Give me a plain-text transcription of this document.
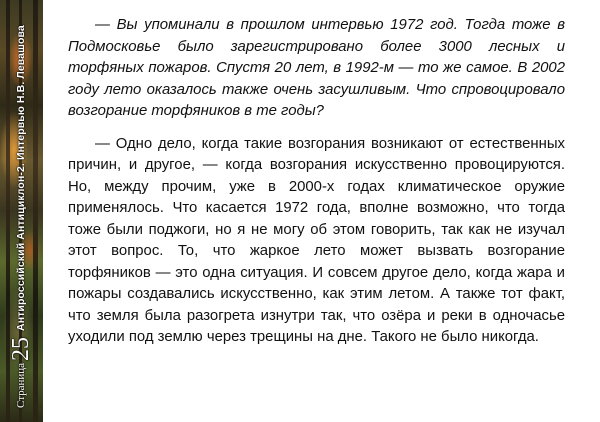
Страница
25
Антироссийский Антициклон-2. Интервью Н.В. Левашова

— Вы упоминали в прошлом интервью 1972 год. Тогда тоже в Подмосковье было зарегистрировано более 3000 лесных и торфяных пожаров. Спустя 20 лет, в 1992-м — то же самое. В 2002 году лето оказалось также очень засушливым. Что спровоцировало возгорание торфяников в те годы?

— Одно дело, когда такие возгорания возникают от естественных причин, и другое, — когда возгорания искусственно провоцируются. Но, между прочим, уже в 2000-х годах климатическое оружие применялось. Что касается 1972 года, вполне возможно, что тогда тоже были поджоги, но я не могу об этом говорить, так как не изучал этот вопрос. То, что жаркое лето может вызвать возгорание торфяников — это одна ситуация. И совсем другое дело, когда жара и пожары создавались искусственно, как этим летом. А также тот факт, что земля была разогрета изнутри так, что озёра и реки в одночасье уходили под землю через трещины на дне. Такого не было никогда.
